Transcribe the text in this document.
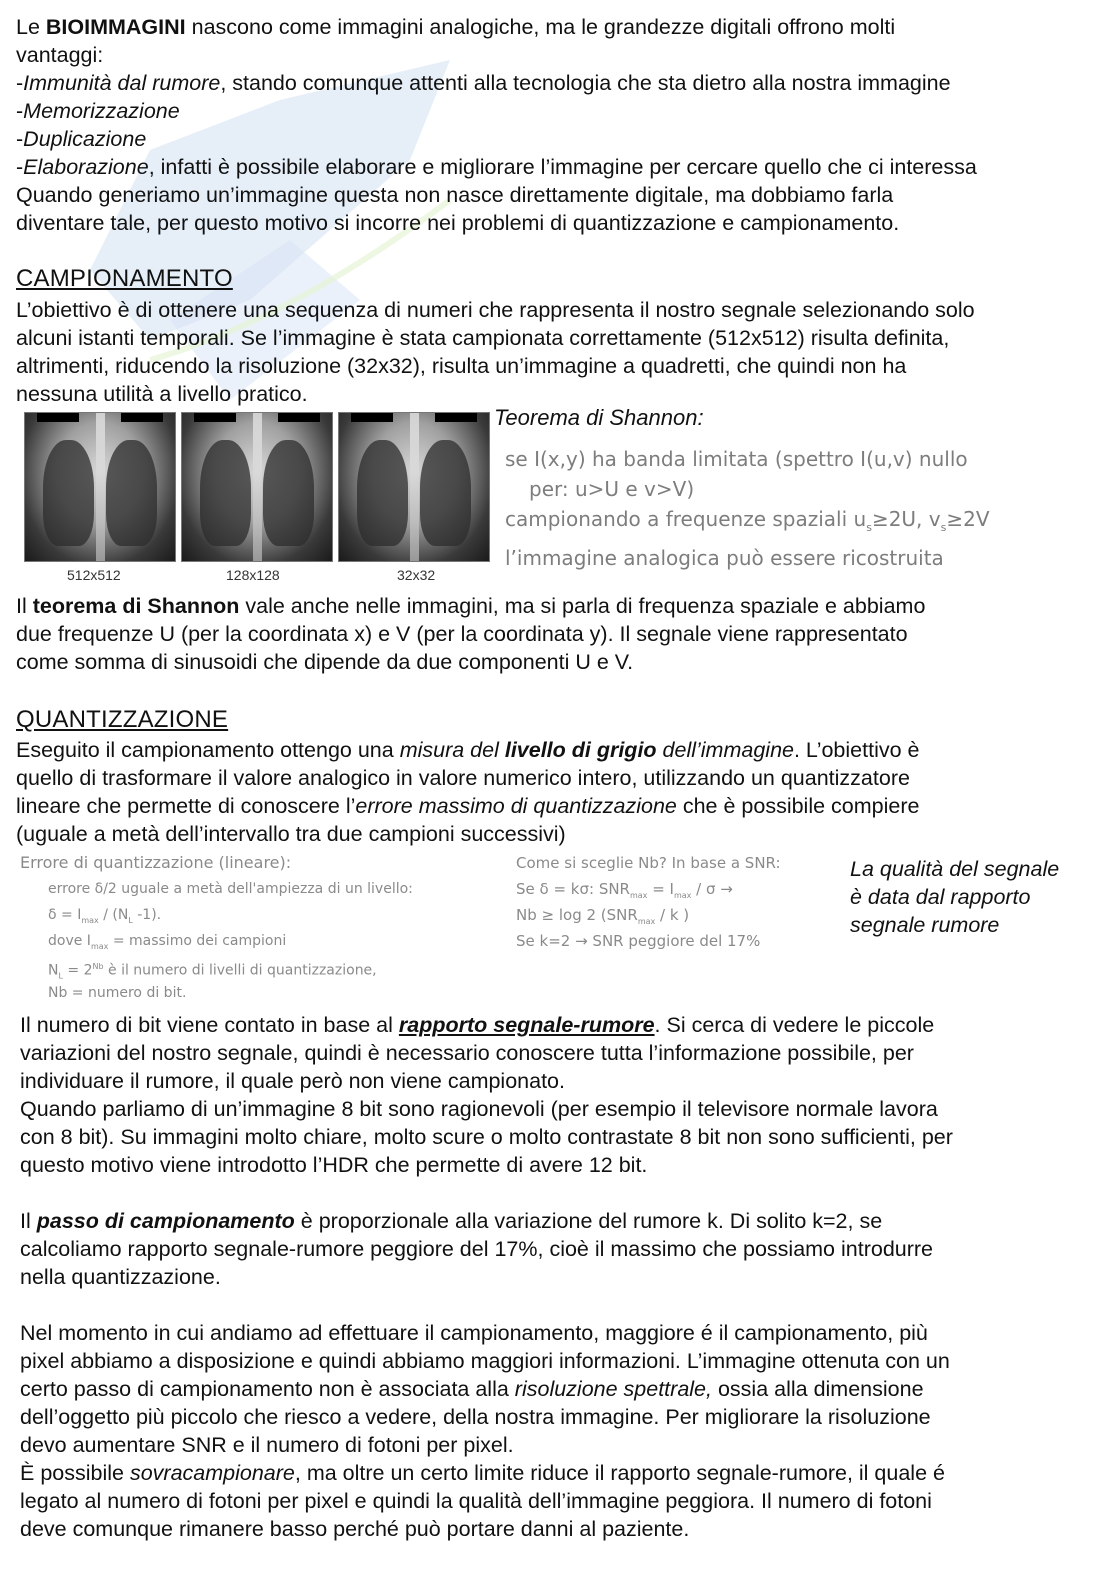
Le BIOIMMAGINI nascono come immagini analogiche, ma le grandezze digitali offrono molti
vantaggi:
-Immunità dal rumore, stando comunque attenti alla tecnologia che sta dietro alla nostra immagine
-Memorizzazione
-Duplicazione
-Elaborazione, infatti è possibile elaborare e migliorare l’immagine per cercare quello che ci interessa
Quando generiamo un’immagine questa non nasce direttamente digitale, ma dobbiamo farla
diventare tale, per questo motivo si incorre nei problemi di quantizzazione e campionamento.
CAMPIONAMENTO
L’obiettivo è di ottenere una sequenza di numeri che rappresenta il nostro segnale selezionando solo
alcuni istanti temporali. Se l’immagine è stata campionata correttamente (512x512) risulta definita,
altrimenti, riducendo la risoluzione (32x32), risulta un’immagine a quadretti, che quindi non ha
nessuna utilità a livello pratico.
512x512	128x128	32x32
Teorema di Shannon:
se I(x,y) ha banda limitata (spettro I(u,v) nullo
per: u>U e v>V)
campionando a frequenze spaziali $u_s\ge 2U$, $v_s\ge 2V$
l’immagine analogica può essere ricostruita
Il teorema di Shannon vale anche nelle immagini, ma si parla di frequenza spaziale e abbiamo
due frequenze U (per la coordinata x) e V (per la coordinata y). Il segnale viene rappresentato
come somma di sinusoidi che dipende da due componenti U e V.
QUANTIZZAZIONE
Eseguito il campionamento ottengo una misura del livello di grigio dell’immagine. L’obiettivo è
quello di trasformare il valore analogico in valore numerico intero, utilizzando un quantizzatore
lineare che permette di conoscere l’errore massimo di quantizzazione che è possibile compiere
(uguale a metà dell’intervallo tra due campioni successivi)
Errore di quantizzazione (lineare):
errore δ/2 uguale a metà dell'ampiezza di un livello:
$\delta = I_{max} / (N_L$ -1).
dove $I_{max}$ = massimo dei campioni
$N_L = 2^{Nb}$ è il numero di livelli di quantizzazione,
Nb = numero di bit.
Come si sceglie Nb? In base a SNR:
Se δ = kσ: $SNR_{max} = I_{max} / \sigma$ →
Nb ≥ log 2 ($SNR_{max}$ / k )
Se k=2 → SNR peggiore del 17%
La qualità del segnale
è data dal rapporto
segnale rumore
Il numero di bit viene contato in base al rapporto segnale-rumore. Si cerca di vedere le piccole
variazioni del nostro segnale, quindi è necessario conoscere tutta l’informazione possibile, per
individuare il rumore, il quale però non viene campionato.
Quando parliamo di un’immagine 8 bit sono ragionevoli (per esempio il televisore normale lavora
con 8 bit). Su immagini molto chiare, molto scure o molto contrastate 8 bit non sono sufficienti, per
questo motivo viene introdotto l’HDR che permette di avere 12 bit.
Il passo di campionamento è proporzionale alla variazione del rumore k. Di solito k=2, se
calcoliamo rapporto segnale-rumore peggiore del 17%, cioè il massimo che possiamo introdurre
nella quantizzazione.
Nel momento in cui andiamo ad effettuare il campionamento, maggiore é il campionamento, più
pixel abbiamo a disposizione e quindi abbiamo maggiori informazioni. L’immagine ottenuta con un
certo passo di campionamento non è associata alla risoluzione spettrale, ossia alla dimensione
dell’oggetto più piccolo che riesco a vedere, della nostra immagine. Per migliorare la risoluzione
devo aumentare SNR e il numero di fotoni per pixel.
È possibile sovracampionare, ma oltre un certo limite riduce il rapporto segnale-rumore, il quale é
legato al numero di fotoni per pixel e quindi la qualità dell’immagine peggiora. Il numero di fotoni
deve comunque rimanere basso perché può portare danni al paziente.
